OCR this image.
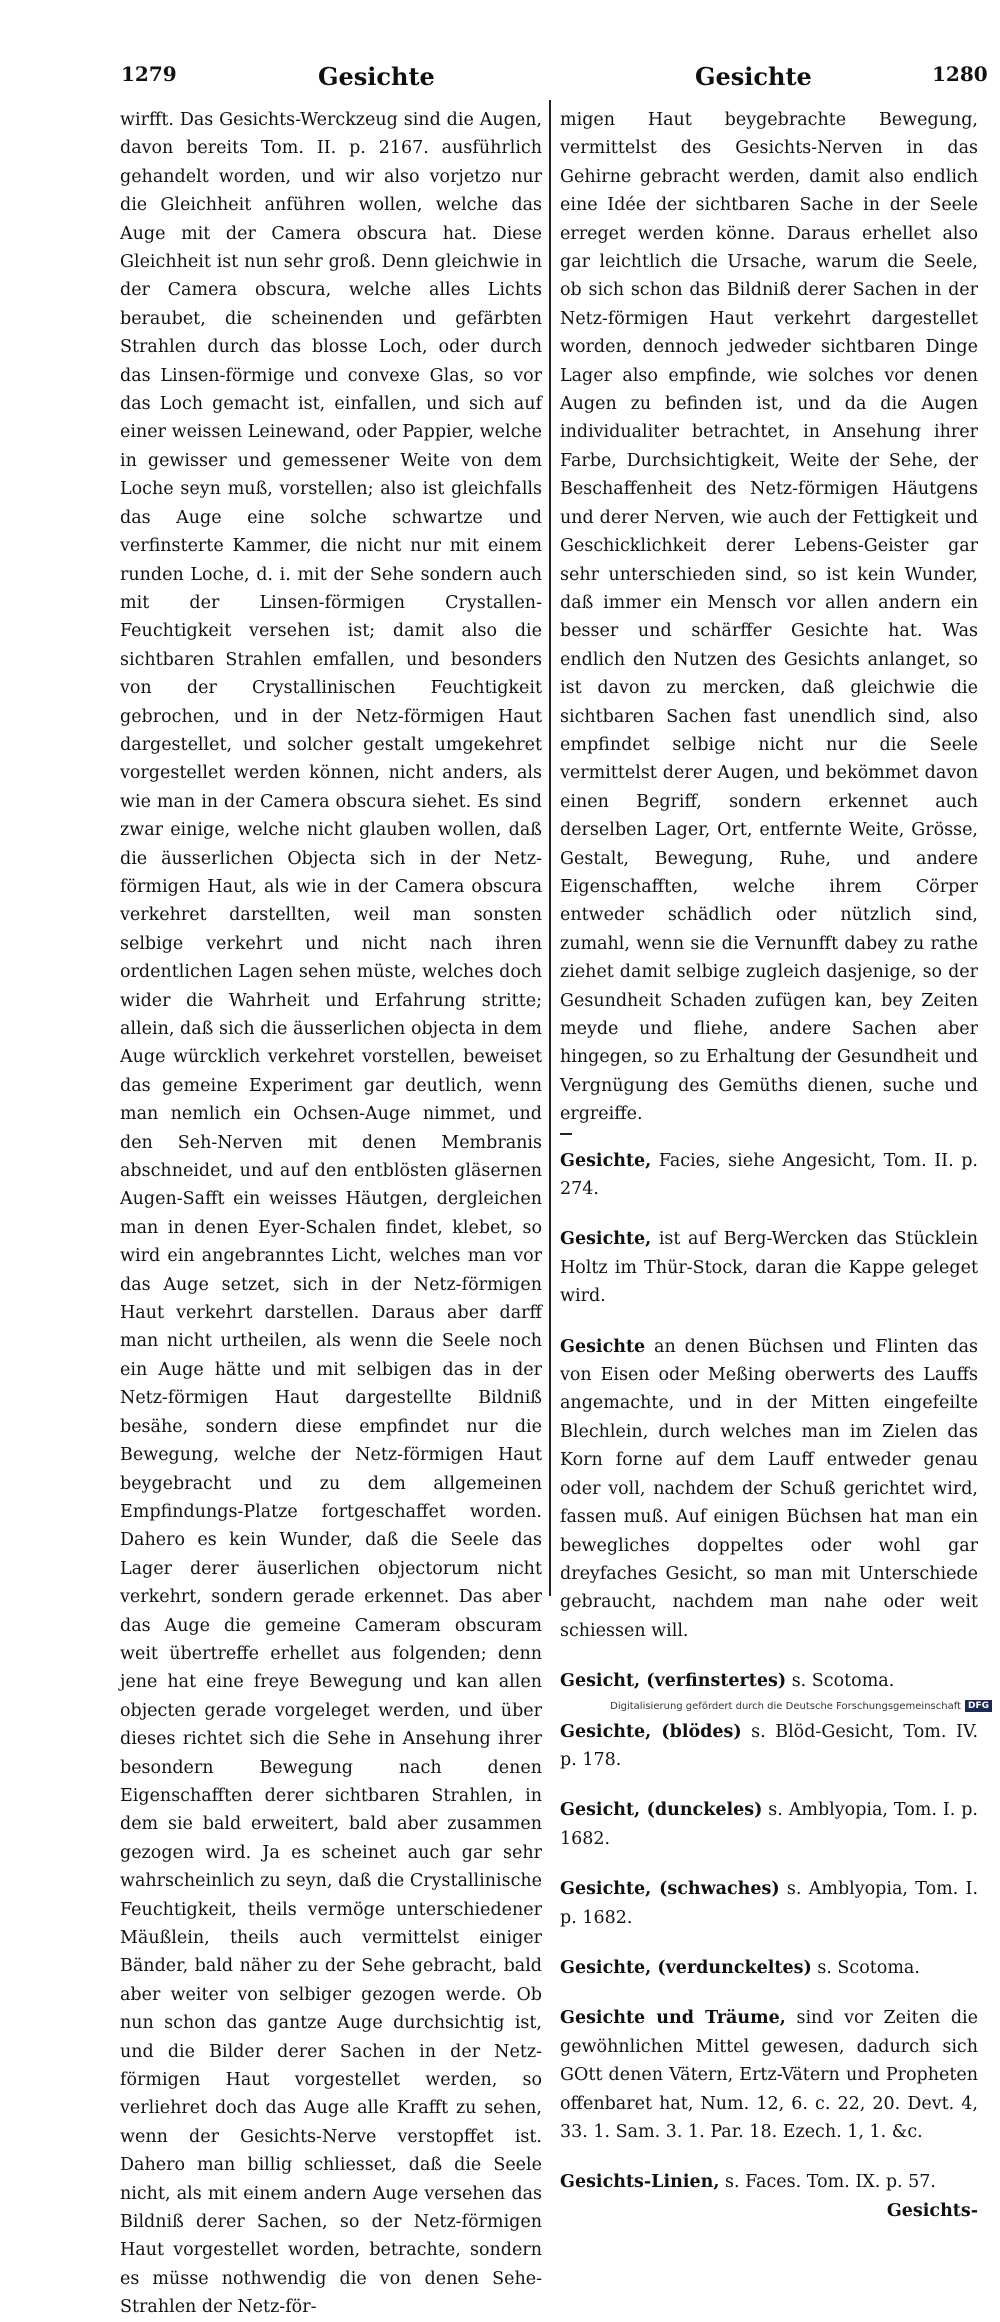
1279	Gesichte	Gesichte	1280

wirfft. Das Gesichts-Werckzeug sind die Augen, davon bereits Tom. II. p. 2167. ausführlich gehandelt worden, und wir also vorjetzo nur die Gleichheit anführen wollen, welche das Auge mit der Camera obscura hat. Diese Gleichheit ist nun sehr groß. Denn gleichwie in der Camera obscura, welche alles Lichts beraubet, die scheinenden und gefärbten Strahlen durch das blosse Loch, oder durch das Linsen-förmige und convexe Glas, so vor das Loch gemacht ist, einfallen, und sich auf einer weissen Leinewand, oder Pappier, welche in gewisser und gemessener Weite von dem Loche seyn muß, vorstellen; also ist gleichfalls das Auge eine solche schwartze und verfinsterte Kammer, die nicht nur mit einem runden Loche, d. i. mit der Sehe sondern auch mit der Linsen-förmigen Crystallen-Feuchtigkeit versehen ist; damit also die sichtbaren Strahlen emfallen, und besonders von der Crystallinischen Feuchtigkeit gebrochen, und in der Netz-förmigen Haut dargestellet, und solcher gestalt umgekehret vorgestellet werden können, nicht anders, als wie man in der Camera obscura siehet. Es sind zwar einige, welche nicht glauben wollen, daß die äusserlichen Objecta sich in der Netz-förmigen Haut, als wie in der Camera obscura verkehret darstellten, weil man sonsten selbige verkehrt und nicht nach ihren ordentlichen Lagen sehen müste, welches doch wider die Wahrheit und Erfahrung stritte; allein, daß sich die äusserlichen objecta in dem Auge würcklich verkehret vorstellen, beweiset das gemeine Experiment gar deutlich, wenn man nemlich ein Ochsen-Auge nimmet, und den Seh-Nerven mit denen Membranis abschneidet, und auf den entblösten gläsernen Augen-Safft ein weisses Häutgen, dergleichen man in denen Eyer-Schalen findet, klebet, so wird ein angebranntes Licht, welches man vor das Auge setzet, sich in der Netz-förmigen Haut verkehrt darstellen. Daraus aber darff man nicht urtheilen, als wenn die Seele noch ein Auge hätte und mit selbigen das in der Netz-förmigen Haut dargestellte Bildniß besähe, sondern diese empfindet nur die Bewegung, welche der Netz-förmigen Haut beygebracht und zu dem allgemeinen Empfindungs-Platze fortgeschaffet worden. Dahero es kein Wunder, daß die Seele das Lager derer äuserlichen objectorum nicht verkehrt, sondern gerade erkennet. Das aber das Auge die gemeine Cameram obscuram weit übertreffe erhellet aus folgenden; denn jene hat eine freye Bewegung und kan allen objecten gerade vorgeleget werden, und über dieses richtet sich die Sehe in Ansehung ihrer besondern Bewegung nach denen Eigenschafften derer sichtbaren Strahlen, in dem sie bald erweitert, bald aber zusammen gezogen wird. Ja es scheinet auch gar sehr wahrscheinlich zu seyn, daß die Crystallinische Feuchtigkeit, theils vermöge unterschiedener Mäußlein, theils auch vermittelst einiger Bänder, bald näher zu der Sehe gebracht, bald aber weiter von selbiger gezogen werde. Ob nun schon das gantze Auge durchsichtig ist, und die Bilder derer Sachen in der Netz-förmigen Haut vorgestellet werden, so verliehret doch das Auge alle Krafft zu sehen, wenn der Gesichts-Nerve verstopffet ist. Dahero man billig schliesset, daß die Seele nicht, als mit einem andern Auge versehen das Bildniß derer Sachen, so der Netz-förmigen Haut vorgestellet worden, betrachte, sondern es müsse nothwendig die von denen Sehe-Strahlen der Netz-för-

migen Haut beygebrachte Bewegung, vermittelst des Gesichts-Nerven in das Gehirne gebracht werden, damit also endlich eine Idée der sichtbaren Sache in der Seele erreget werden könne. Daraus erhellet also gar leichtlich die Ursache, warum die Seele, ob sich schon das Bildniß derer Sachen in der Netz-förmigen Haut verkehrt dargestellet worden, dennoch jedweder sichtbaren Dinge Lager also empfinde, wie solches vor denen Augen zu befinden ist, und da die Augen individualiter betrachtet, in Ansehung ihrer Farbe, Durchsichtigkeit, Weite der Sehe, der Beschaffenheit des Netz-förmigen Häutgens und derer Nerven, wie auch der Fettigkeit und Geschicklichkeit derer Lebens-Geister gar sehr unterschieden sind, so ist kein Wunder, daß immer ein Mensch vor allen andern ein besser und schärffer Gesichte hat. Was endlich den Nutzen des Gesichts anlanget, so ist davon zu mercken, daß gleichwie die sichtbaren Sachen fast unendlich sind, also empfindet selbige nicht nur die Seele vermittelst derer Augen, und bekömmet davon einen Begriff, sondern erkennet auch derselben Lager, Ort, entfernte Weite, Grösse, Gestalt, Bewegung, Ruhe, und andere Eigenschafften, welche ihrem Cörper entweder schädlich oder nützlich sind, zumahl, wenn sie die Vernunfft dabey zu rathe ziehet damit selbige zugleich dasjenige, so der Gesundheit Schaden zufügen kan, bey Zeiten meyde und fliehe, andere Sachen aber hingegen, so zu Erhaltung der Gesundheit und Vergnügung des Gemüths dienen, suche und ergreiffe.

Gesichte, Facies, siehe Angesicht, Tom. II. p. 274.

Gesichte, ist auf Berg-Wercken das Stücklein Holtz im Thür-Stock, daran die Kappe geleget wird.

Gesichte an denen Büchsen und Flinten das von Eisen oder Meßing oberwerts des Lauffs angemachte, und in der Mitten eingefeilte Blechlein, durch welches man im Zielen das Korn forne auf dem Lauff entweder genau oder voll, nachdem der Schuß gerichtet wird, fassen muß. Auf einigen Büchsen hat man ein bewegliches doppeltes oder wohl gar dreyfaches Gesicht, so man mit Unterschiede gebraucht, nachdem man nahe oder weit schiessen will.

Gesicht, (verfinstertes) s. Scotoma.

Gesichte, (blödes) s. Blöd-Gesicht, Tom. IV. p. 178.

Gesicht, (dunckeles) s. Amblyopia, Tom. I. p. 1682.

Gesichte, (schwaches) s. Amblyopia, Tom. I. p. 1682.

Gesichte, (verdunckeltes) s. Scotoma.

Gesichte und Träume, sind vor Zeiten die gewöhnlichen Mittel gewesen, dadurch sich GOtt denen Vätern, Ertz-Vätern und Propheten offenbaret hat, Num. 12, 6. c. 22, 20. Devt. 4, 33. 1. Sam. 3. 1. Par. 18. Ezech. 1, 1. &c.

Gesichts-Linien, s. Faces. Tom. IX. p. 57.

Gesichts-

Digitalisierung gefördert durch die Deutsche Forschungsgemeinschaft DFG
